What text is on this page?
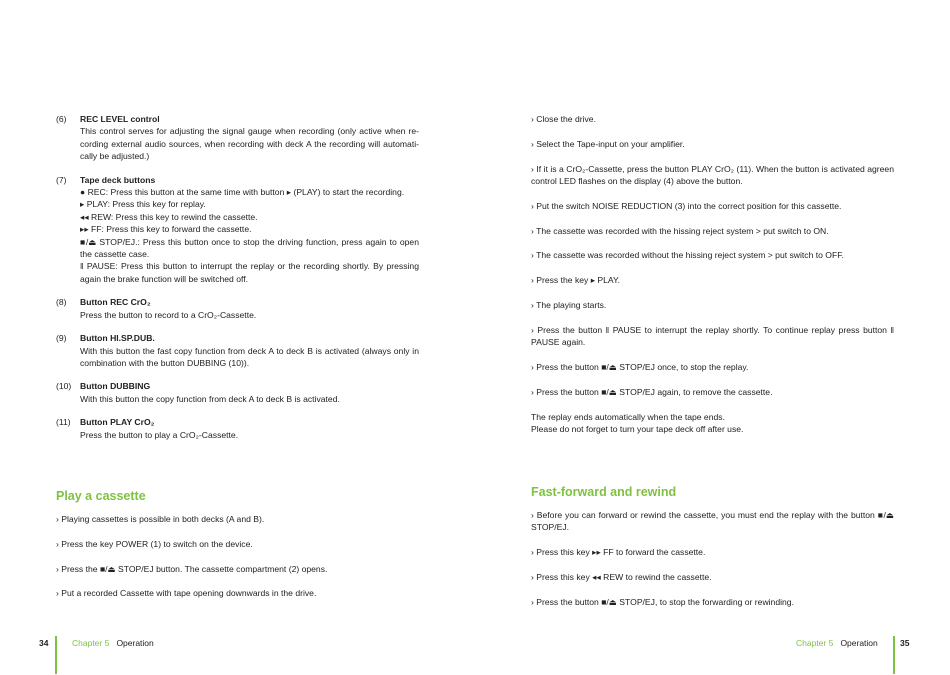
(6)	REC LEVEL control
This control serves for adjusting the signal gauge when recording (only active when re-cording external audio sources, when recording with deck A the recording will automati-cally be adjusted.)
(7)	Tape deck buttons
● REC: Press this button at the same time with button ▸ (PLAY) to start the recording.
▸ PLAY: Press this key for replay.
◂◂ REW: Press this key to rewind the cassette.
▸▸ FF: Press this key to forward the cassette.
■/⏏ STOP/EJ.: Press this button once to stop the driving function, press again to open the cassette case.
‖ PAUSE: Press this button to interrupt the replay or the recording shortly. By pressing again the brake function will be switched off.
(8)	Button REC CrO₂
Press the button to record to a CrO₂-Cassette.
(9)	Button HI.SP.DUB.
With this button the fast copy function from deck A to deck B is activated (always only in combination with the button DUBBING (10)).
(10)	Button DUBBING
With this button the copy function from deck A to deck B is activated.
(11)	Button PLAY CrO₂
Press the button to play a CrO₂-Cassette.
Play a cassette
› Playing cassettes is possible in both decks (A and B).
› Press the key POWER (1) to switch on the device.
› Press the ■/⏏ STOP/EJ button. The cassette compartment (2) opens.
› Put a recorded Cassette with tape opening downwards in the drive.
› Close the drive.
› Select the Tape-input on your amplifier.
› If it is a CrO₂-Cassette, press the button PLAY CrO₂ (11). When the button is activated agreen control LED flashes on the display (4) above the button.
› Put the switch NOISE REDUCTION (3) into the correct position for this cassette.
› The cassette was recorded with the hissing reject system > put switch to ON.
› The cassette was recorded without the hissing reject system > put switch to OFF.
› Press the key ▸ PLAY.
› The playing starts.
› Press the button ‖ PAUSE to interrupt the replay shortly. To continue replay press button ‖ PAUSE again.
› Press the button ■/⏏ STOP/EJ once, to stop the replay.
› Press the button ■/⏏ STOP/EJ again, to remove the cassette.
The replay ends automatically when the tape ends.
Please do not forget to turn your tape deck off after use.
Fast-forward and rewind
› Before you can forward or rewind the cassette, you must end the replay with the button ■/⏏ STOP/EJ.
› Press this key ▸▸ FF to forward the cassette.
› Press this key ◂◂ REW to rewind the cassette.
› Press the button ■/⏏ STOP/EJ, to stop the forwarding or rewinding.
34	Chapter 5 Operation	Chapter 5 Operation	35
